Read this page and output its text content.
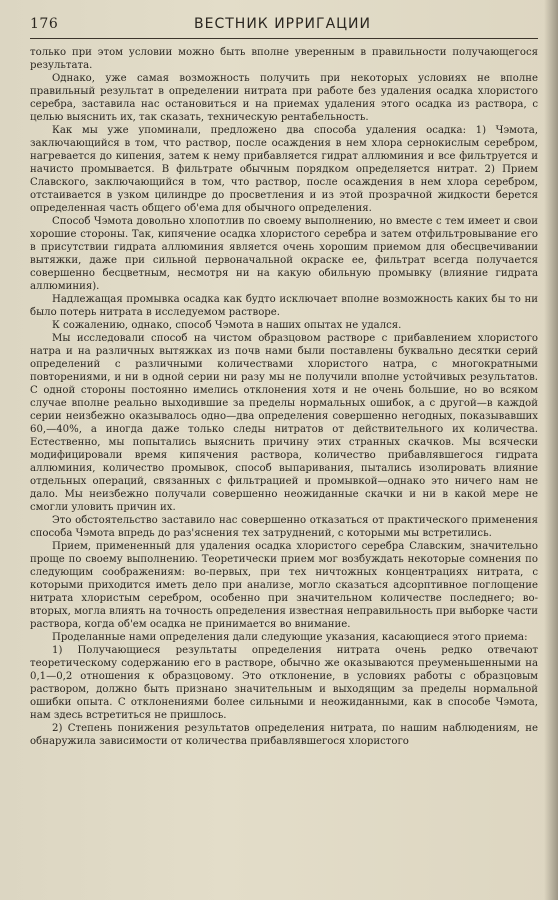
176	ВЕСТНИК ИРРИГАЦИИ

только при этом условии можно быть вполне уверенным в правильности получающегося результата.

Однако, уже самая возможность получить при некоторых условиях не вполне правильный результат в определении нитрата при работе без удаления осадка хлористого серебра, заставила нас остановиться и на приемах удаления этого осадка из раствора, с целью выяснить их, так сказать, техническую рентабельность.

Как мы уже упоминали, предложено два способа удаления осадка: 1) Чэмота, заключающийся в том, что раствор, после осаждения в нем хлора сернокислым серебром, нагревается до кипения, затем к нему прибавляется гидрат аллюминия и все фильтруется и начисто промывается. В фильтрате обычным порядком определяется нитрат. 2) Прием Славского, заключающийся в том, что раствор, после осаждения в нем хлора серебром, отстаивается в узком цилиндре до просветления и из этой прозрачной жидкости берется определенная часть общего об'ема для обычного определения.

Способ Чэмота довольно хлопотлив по своему выполнению, но вместе с тем имеет и свои хорошие стороны. Так, кипячение осадка хлористого серебра и затем отфильтровывание его в присутствии гидрата аллюминия является очень хорошим приемом для обесцвечивании вытяжки, даже при сильной первоначальной окраске ее, фильтрат всегда получается совершенно бесцветным, несмотря ни на какую обильную промывку (влияние гидрата аллюминия).

Надлежащая промывка осадка как будто исключает вполне возможность каких бы то ни было потерь нитрата в исследуемом растворе.

К сожалению, однако, способ Чэмота в наших опытах не удался.

Мы исследовали способ на чистом образцовом растворе с прибавлением хлористого натра и на различных вытяжках из почв нами были поставлены буквально десятки серий определений с различными количествами хлористого натра, с многократными повторениями, и ни в одной серии ни разу мы не получили вполне устойчивых результатов. С одной стороны постоянно имелись отклонения хотя и не очень большие, но во всяком случае вполне реально выходившие за пределы нормальных ошибок, а с другой—в каждой серии неизбежно оказывалось одно—два определения совершенно негодных, показывавших 60,—40%, а иногда даже только следы нитратов от действительного их количества. Естественно, мы попытались выяснить причину этих странных скачков. Мы всячески модифицировали время кипячения раствора, количество прибавлявшегося гидрата аллюминия, количество промывок, способ выпаривания, пытались изолировать влияние отдельных операций, связанных с фильтрацией и промывкой—однако это ничего нам не дало. Мы неизбежно получали совершенно неожиданные скачки и ни в какой мере не смогли уловить причин их.

Это обстоятельство заставило нас совершенно отказаться от практического применения способа Чэмота впредь до раз'яснения тех затруднений, с которыми мы встретились.

Прием, примененный для удаления осадка хлористого серебра Славским, значительно проще по своему выполнению. Теоретически прием мог возбуждать некоторые сомнения по следующим соображениям: во-первых, при тех ничтожных концентрациях нитрата, с которыми приходится иметь дело при анализе, могло сказаться адсорптивное поглощение нитрата хлористым серебром, особенно при значительном количестве последнего; во-вторых, могла влиять на точность определения известная неправильность при выборке части раствора, когда об'ем осадка не принимается во внимание.

Проделанные нами определения дали следующие указания, касающиеся этого приема:

1) Получающиеся результаты определения нитрата очень редко отвечают теоретическому содержанию его в растворе, обычно же оказываются преуменьшенными на 0,1—0,2 отношения к образцовому. Это отклонение, в условиях работы с образцовым раствором, должно быть признано значительным и выходящим за пределы нормальной ошибки опыта. С отклонениями более сильными и неожиданными, как в способе Чэмота, нам здесь встретиться не пришлось.

2) Степень понижения результатов определения нитрата, по нашим наблюдениям, не обнаружила зависимости от количества прибавлявшегося хлористого
